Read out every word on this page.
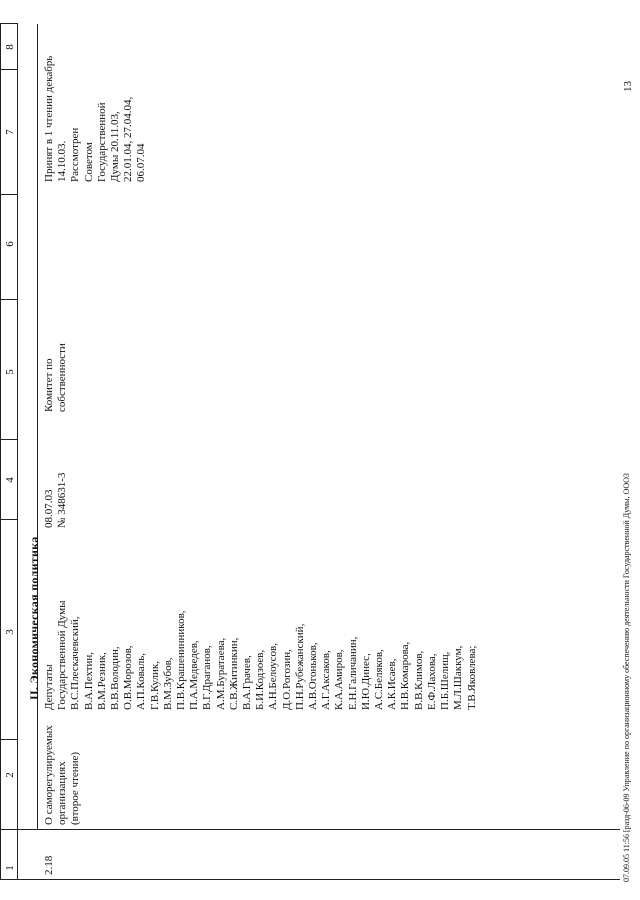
1
2
3
4
5
6
7
8
II. Экономическая политика
2.18
О саморегулируемых организациях (второе чтение)
Депутаты Государственной Думы В.С.Плескачевский, В.А.Пехтин, В.М.Резник, В.В.Володин, О.В.Морозов, А.П.Коваль, Г.В.Кулик, В.М.Зубов, П.В.Крашенинников, П.А.Медведев, В.Г.Драганов, А.М.Буратаева, С.В.Житинкин, В.А.Грачев, Б.И.Кодзоев, А.Н.Белоусов, Д.О.Рогозин, П.Н.Рубежанский, А.В.Огоньков, А.Г.Аксаков, К.А.Амиров, Е.Н.Галичанин, И.Ю.Динес, А.С.Беляков, А.К.Исаев, Н.В.Комарова, В.В.Климов, Е.Ф.Лахова, П.Б.Шелищ, М.Л.Шаккум, Т.В.Яковлева;
08.07.03 № 348631-3
Комитет по собственности
Принят в 1 чтении декабрь 14.10.03. Рассмотрен Советом Государственной Думы 20.11.03, 22.01.04, 27.04.04, 06.07.04
07.09.05 11:56 [разд-06-09 Управление по организационному обеспечению деятельности Государственной Думы, ООО3
13
